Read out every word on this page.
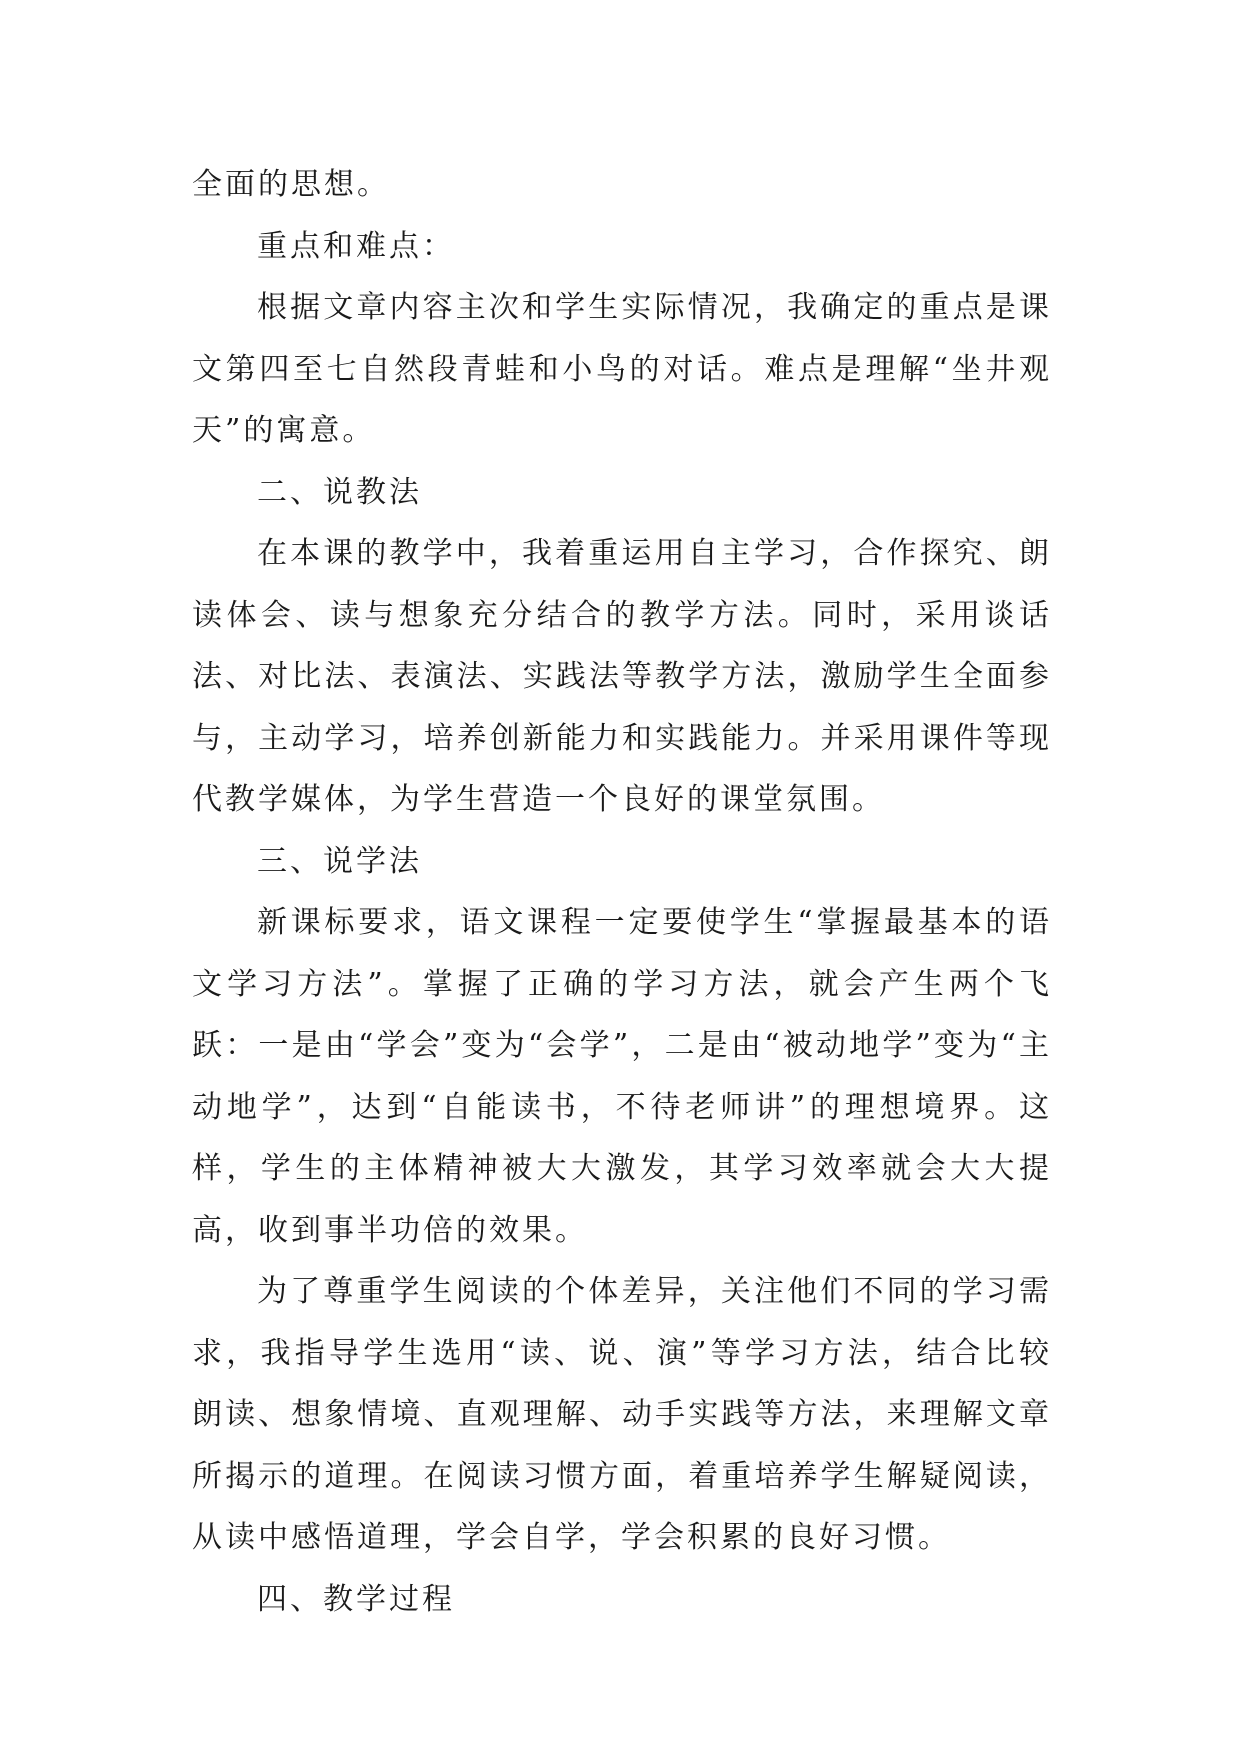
全面的思想。

重点和难点：

根据文章内容主次和学生实际情况，我确定的重点是课文第四至七自然段青蛙和小鸟的对话。难点是理解“坐井观天”的寓意。

二、说教法

在本课的教学中，我着重运用自主学习，合作探究、朗读体会、读与想象充分结合的教学方法。同时，采用谈话法、对比法、表演法、实践法等教学方法，激励学生全面参与，主动学习，培养创新能力和实践能力。并采用课件等现代教学媒体，为学生营造一个良好的课堂氛围。

三、说学法

新课标要求，语文课程一定要使学生“掌握最基本的语文学习方法”。掌握了正确的学习方法，就会产生两个飞跃：一是由“学会”变为“会学”，二是由“被动地学”变为“主动地学”，达到“自能读书，不待老师讲”的理想境界。这样，学生的主体精神被大大激发，其学习效率就会大大提高，收到事半功倍的效果。

为了尊重学生阅读的个体差异，关注他们不同的学习需求，我指导学生选用“读、说、演”等学习方法，结合比较朗读、想象情境、直观理解、动手实践等方法，来理解文章所揭示的道理。在阅读习惯方面，着重培养学生解疑阅读，从读中感悟道理，学会自学，学会积累的良好习惯。

四、教学过程
